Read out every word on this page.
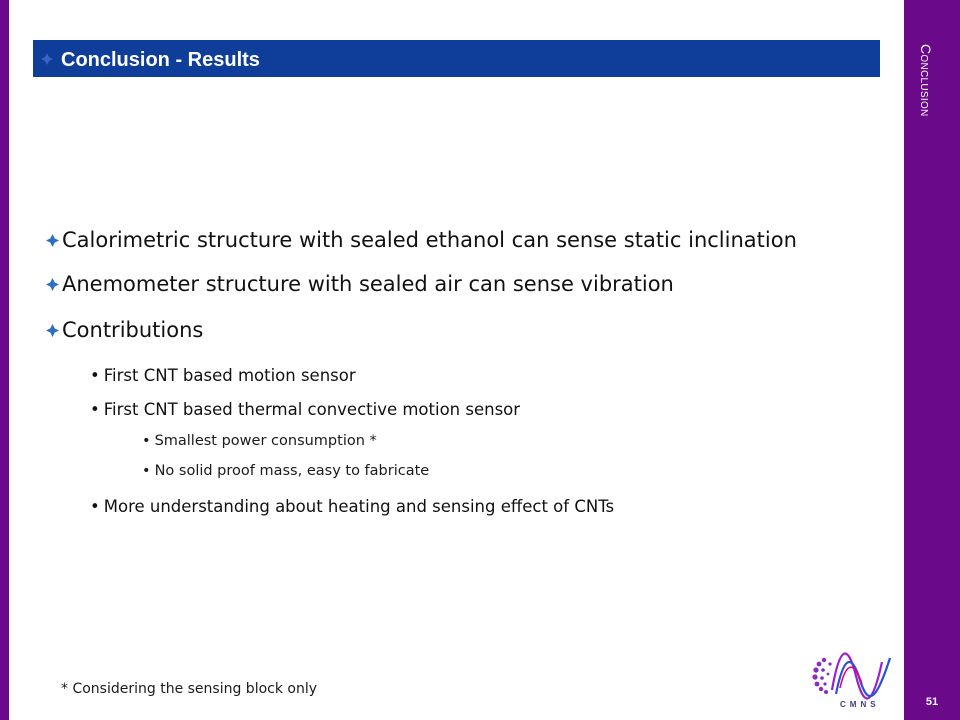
Conclusion
51
Conclusion - Results
Calorimetric structure with sealed ethanol can sense static inclination
Anemometer structure with sealed air can sense vibration
Contributions
• First CNT based motion sensor
• First CNT based thermal convective motion sensor
• Smallest power consumption *
• No solid proof mass, easy to fabricate
• More understanding about heating and sensing effect of CNTs
* Considering the sensing block only
CMNS
